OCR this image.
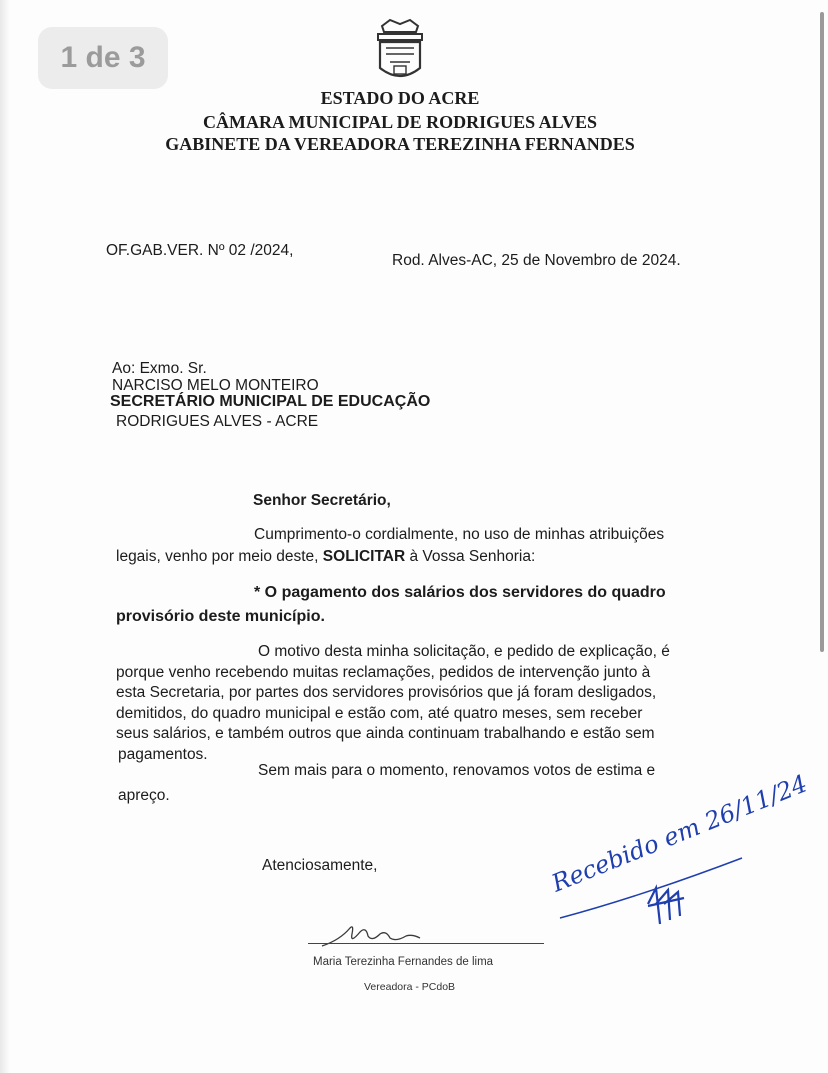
1 de 3
ESTADO DO ACRE
CÂMARA MUNICIPAL DE RODRIGUES ALVES
GABINETE DA VEREADORA TEREZINHA FERNANDES
OF.GAB.VER. Nº 02 /2024,
Rod. Alves-AC, 25 de Novembro de 2024.
Ao: Exmo. Sr.
NARCISO MELO MONTEIRO
SECRETÁRIO MUNICIPAL DE EDUCAÇÃO
RODRIGUES ALVES - ACRE
Senhor Secretário,
Cumprimento-o cordialmente, no uso de minhas atribuições
legais, venho por meio deste, SOLICITAR à Vossa Senhoria:
* O pagamento dos salários dos servidores do quadro
provisório deste município.
O motivo desta minha solicitação, e pedido de explicação, é
porque venho recebendo muitas reclamações, pedidos de intervenção junto à
esta Secretaria, por partes dos servidores provisórios que já foram desligados,
demitidos, do quadro municipal e estão com, até quatro meses, sem receber
seus salários, e também outros que ainda continuam trabalhando e estão sem
pagamentos.
Sem mais para o momento, renovamos votos de estima e
apreço.
Atenciosamente,
Maria Terezinha Fernandes de lima
Vereadora - PCdoB
Recebido em 26/11/24
